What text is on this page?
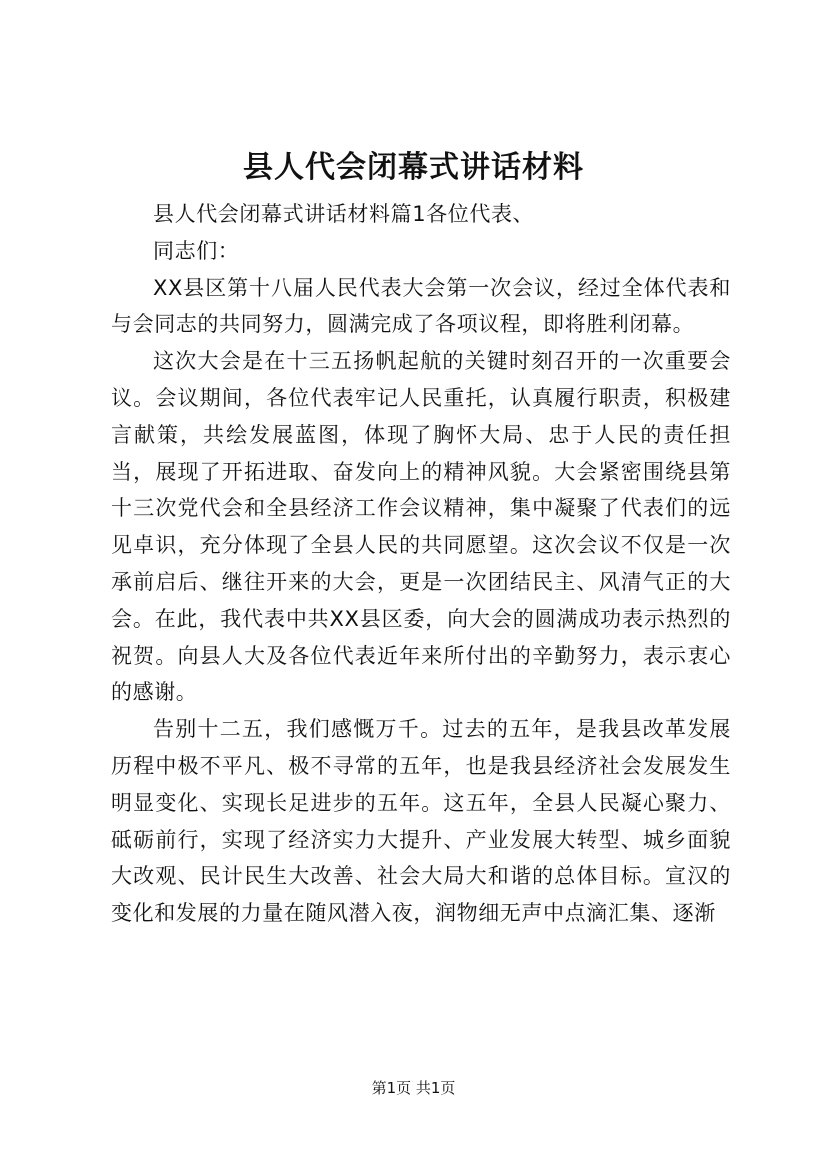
县人代会闭幕式讲话材料

县人代会闭幕式讲话材料篇1各位代表、

同志们：

XX县区第十八届人民代表大会第一次会议，经过全体代表和与会同志的共同努力，圆满完成了各项议程，即将胜利闭幕。

这次大会是在十三五扬帆起航的关键时刻召开的一次重要会议。会议期间，各位代表牢记人民重托，认真履行职责，积极建言献策，共绘发展蓝图，体现了胸怀大局、忠于人民的责任担当，展现了开拓进取、奋发向上的精神风貌。大会紧密围绕县第十三次党代会和全县经济工作会议精神，集中凝聚了代表们的远见卓识，充分体现了全县人民的共同愿望。这次会议不仅是一次承前启后、继往开来的大会，更是一次团结民主、风清气正的大会。在此，我代表中共XX县区委，向大会的圆满成功表示热烈的祝贺。向县人大及各位代表近年来所付出的辛勤努力，表示衷心的感谢。

告别十二五，我们感慨万千。过去的五年，是我县改革发展历程中极不平凡、极不寻常的五年，也是我县经济社会发展发生明显变化、实现长足进步的五年。这五年，全县人民凝心聚力、砥砺前行，实现了经济实力大提升、产业发展大转型、城乡面貌大改观、民计民生大改善、社会大局大和谐的总体目标。宣汉的变化和发展的力量在随风潜入夜，润物细无声中点滴汇集、逐渐

第1页 共1页
